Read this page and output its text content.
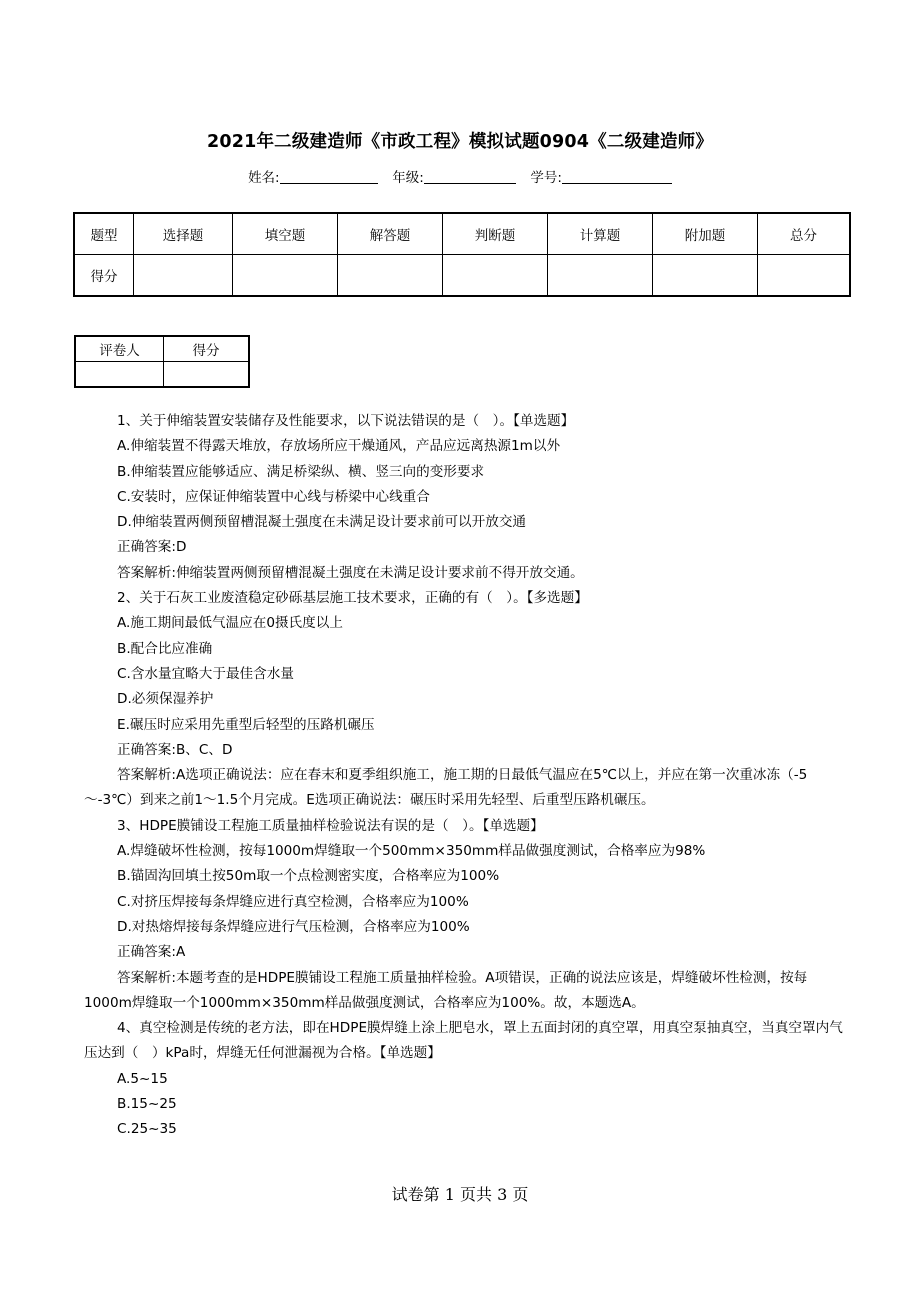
2021年二级建造师《市政工程》模拟试题0904《二级建造师》
姓名:	年级:	学号:
题型	选择题	填空题	解答题	判断题	计算题	附加题	总分
得分							
评卷人	得分

1、关于伸缩装置安装储存及性能要求，以下说法错误的是（　）。【单选题】

A.伸缩装置不得露天堆放，存放场所应干燥通风，产品应远离热源1m以外

B.伸缩装置应能够适应、满足桥梁纵、横、竖三向的变形要求

C.安装时，应保证伸缩装置中心线与桥梁中心线重合

D.伸缩装置两侧预留槽混凝土强度在未满足设计要求前可以开放交通

正确答案:D

答案解析:伸缩装置两侧预留槽混凝土强度在未满足设计要求前不得开放交通。

2、关于石灰工业废渣稳定砂砾基层施工技术要求，正确的有（　）。【多选题】

A.施工期间最低气温应在0摄氏度以上

B.配合比应准确

C.含水量宜略大于最佳含水量

D.必须保湿养护

E.碾压时应采用先重型后轻型的压路机碾压

正确答案:B、C、D

答案解析:A选项正确说法：应在春末和夏季组织施工，施工期的日最低气温应在5℃以上，并应在第一次重冰冻（-5～-3℃）到来之前1～1.5个月完成。E选项正确说法：碾压时采用先轻型、后重型压路机碾压。

3、HDPE膜铺设工程施工质量抽样检验说法有误的是（　）。【单选题】

A.焊缝破坏性检测，按每1000m焊缝取一个500mm×350mm样品做强度测试，合格率应为98%

B.锚固沟回填土按50m取一个点检测密实度，合格率应为100%

C.对挤压焊接每条焊缝应进行真空检测，合格率应为100%

D.对热熔焊接每条焊缝应进行气压检测，合格率应为100%

正确答案:A

答案解析:本题考查的是HDPE膜铺设工程施工质量抽样检验。A项错误，正确的说法应该是，焊缝破坏性检测，按每1000m焊缝取一个1000mm×350mm样品做强度测试，合格率应为100%。故，本题选A。

4、真空检测是传统的老方法，即在HDPE膜焊缝上涂上肥皂水，罩上五面封闭的真空罩，用真空泵抽真空，当真空罩内气压达到（　）kPa时，焊缝无任何泄漏视为合格。【单选题】

A.5~15

B.15~25

C.25~35

试卷第 1 页共 3 页
